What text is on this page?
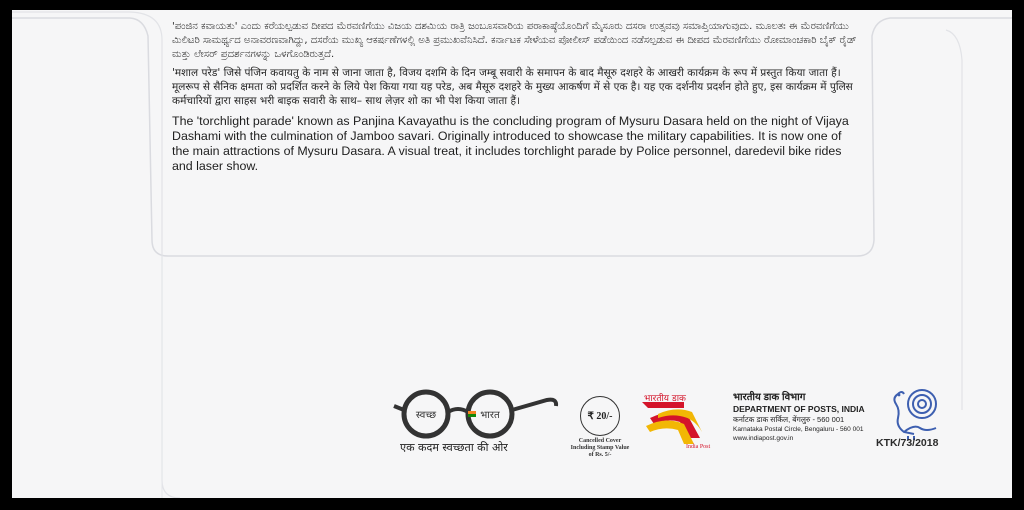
'ಪಂಜಿನ ಕವಾಯತು' ಎಂದು ಕರೆಯಲ್ಪಡುವ ದೀಪದ ಮೆರವಣಿಗೆಯು ವಿಜಯ ದಶಮಿಯ ರಾತ್ರಿ ಜಂಬೂಸವಾರಿಯ ಪರಾಕಾಷ್ಠೆಯೊಂದಿಗೆ ಮೈಸೂರು ದಸರಾ ಉತ್ಸವವು ಸಮಾಪ್ತಿಯಾಗುವುದು. ಮೂಲತಃ ಈ ಮೆರವಣಿಗೆಯು ಮಿಲಿಟರಿ ಸಾಮರ್ಥ್ಯದ ಅನಾವರಣವಾಗಿದ್ದು, ದಸರೆಯ ಮುಖ್ಯ ಆಕರ್ಷಣೆಗಳಲ್ಲಿ ಅತಿ ಪ್ರಮುಖವೆನಿಸಿದೆ. ಕರ್ನಾಟಕ ಸೇಳೆಯವ ಪೋಲೀಸ್ ಪಡೆಯಿಂದ ನಡೆಸಲ್ಪಡುವ ಈ ದೀಪದ ಮೆರವಣಿಗೆಯು ರೋಮಾಂಚಕಾರಿ ಬೈಕ್ ರೈಡ್ ಮತ್ತು ಲೇಸರ್ ಪ್ರದರ್ಶನಗಳನ್ನು ಒಳಗೊಂಡಿರುತ್ತದೆ.

'मशाल परेड' जिसे पंजिन कवायतु के नाम से जाना जाता है, विजय दशमि के दिन जम्बू सवारी के समापन के बाद मैसूरु दशहरे के आखरी कार्यक्रम के रूप में प्रस्तुत किया जाता हैं। मूलरूप से सैनिक क्षमता को प्रदर्शित करने के लिये पेश किया गया यह परेड, अब मैसूरु दशहरे के मुख्य आकर्षण में से एक है। यह एक दर्शनीय प्रदर्शन होते हुए, इस कार्यक्रम में पुलिस कर्मचारियों द्वारा साहस भरी बाइक सवारी के साथ– साथ लेज़र शो का भी पेश किया जाता हैं।

The 'torchlight parade' known as Panjina Kavayathu is the concluding program of Mysuru Dasara held on the night of Vijaya Dashami with the culmination of Jamboo savari. Originally introduced to showcase the military capabilities. It is now one of the main attractions of Mysuru Dasara. A visual treat, it includes torchlight parade by Police personnel, daredevil bike rides and laser show.

स्वच्छ	भारत
एक कदम स्वच्छता की ओर
₹ 20/-
Cancelled Cover
Including Stamp Value
of Rs. 5/-
भारतीय डाक
India Post
भारतीय डाक विभाग
DEPARTMENT OF POSTS, INDIA
कर्नाटक डाक सर्किल, बेंगलुरु - 560 001
Karnataka Postal Circle, Bengaluru - 560 001
www.indiapost.gov.in	KTK/73/2018
